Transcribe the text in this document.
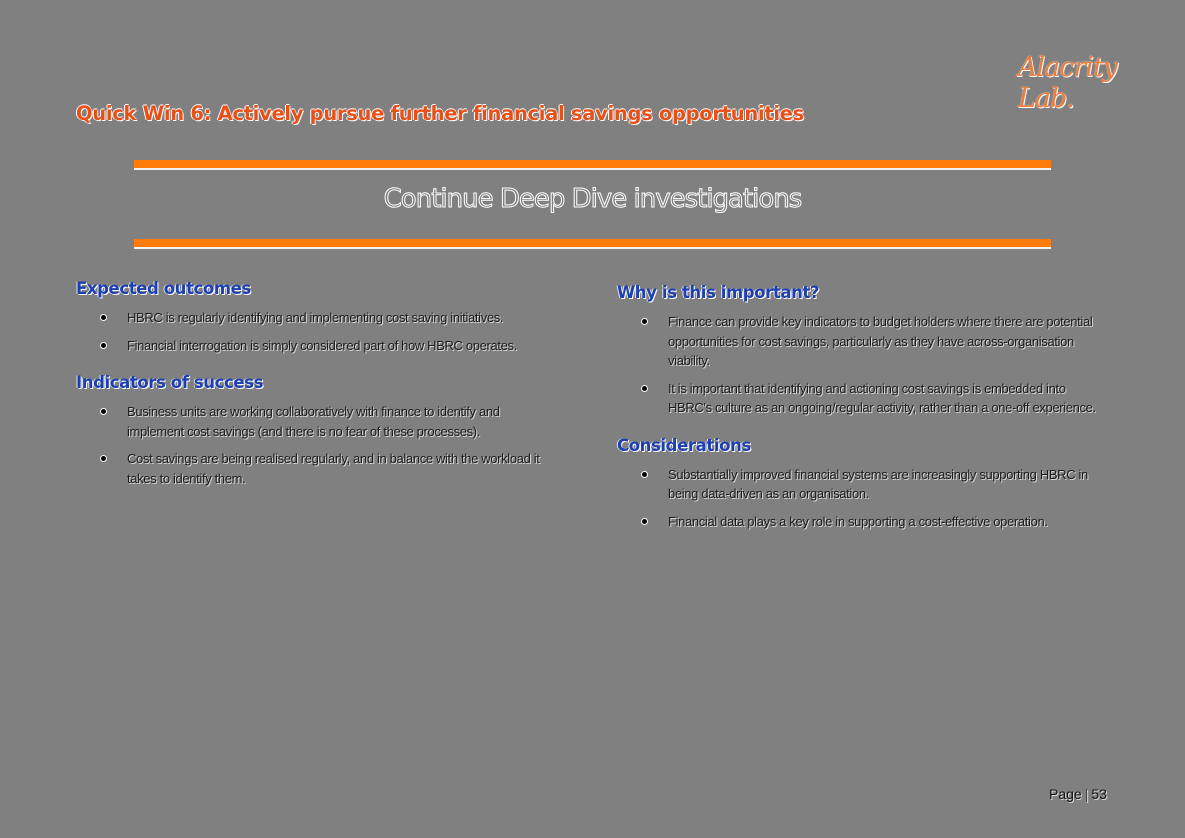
Alacrity Lab.
Quick Win 6: Actively pursue further financial savings opportunities
Continue Deep Dive investigations
Expected outcomes
HBRC is regularly identifying and implementing cost saving initiatives.
Financial interrogation is simply considered part of how HBRC operates.
Indicators of success
Business units are working collaboratively with finance to identify and implement cost savings (and there is no fear of these processes).
Cost savings are being realised regularly, and in balance with the workload it takes to identify them.
Why is this important?
Finance can provide key indicators to budget holders where there are potential opportunities for cost savings, particularly as they have across-organisation viability.
It is important that identifying and actioning cost savings is embedded into HBRC's culture as an ongoing/regular activity, rather than a one-off experience.
Considerations
Substantially improved financial systems are increasingly supporting HBRC in being data-driven as an organisation.
Financial data plays a key role in supporting a cost-effective operation.
Page | 53
